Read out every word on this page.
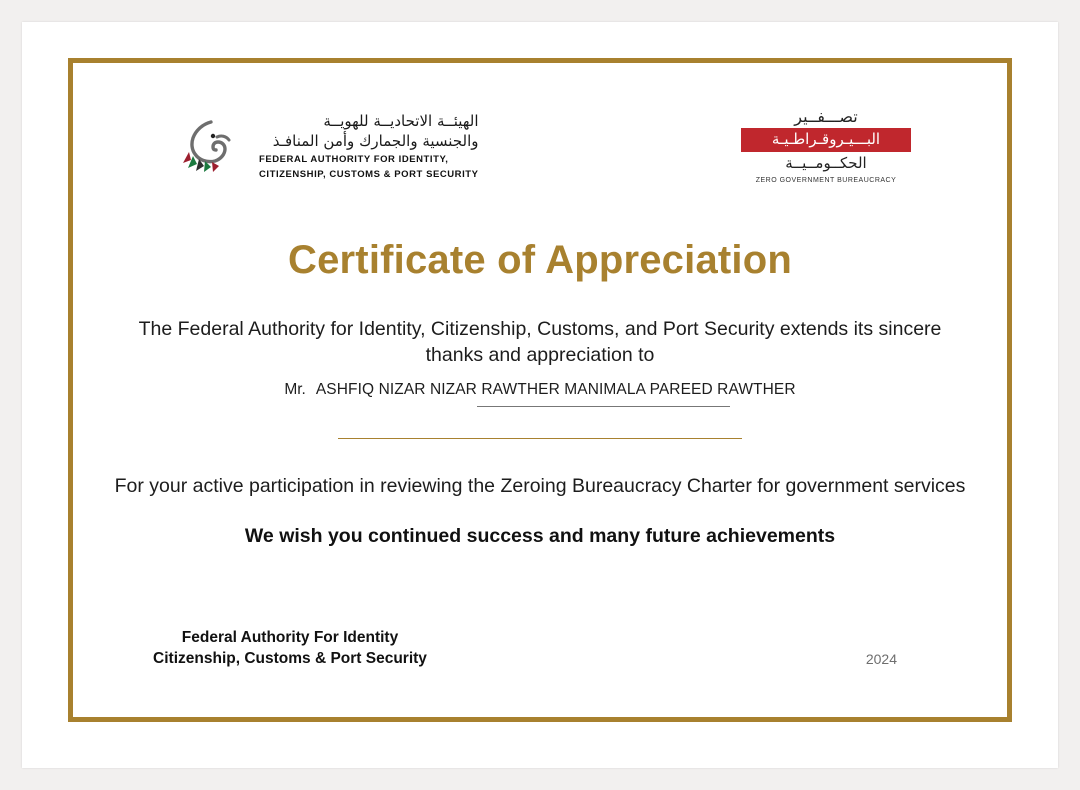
الهيئــة الاتحاديــة للهويــة
والجنسية والجمارك وأمن المنافـذ
FEDERAL AUTHORITY FOR IDENTITY,
CITIZENSHIP, CUSTOMS & PORT SECURITY
تصـــفــير
البـــيـروقـراطـيـة
الحكــومــيــة
ZERO GOVERNMENT BUREAUCRACY
Certificate of Appreciation
The Federal Authority for Identity, Citizenship, Customs, and Port Security extends its sincere thanks and appreciation to
Mr. ASHFIQ NIZAR NIZAR RAWTHER MANIMALA PAREED RAWTHER
For your active participation in reviewing the Zeroing Bureaucracy Charter for government services
We wish you continued success and many future achievements
Federal Authority For Identity Citizenship, Customs & Port Security	2024
